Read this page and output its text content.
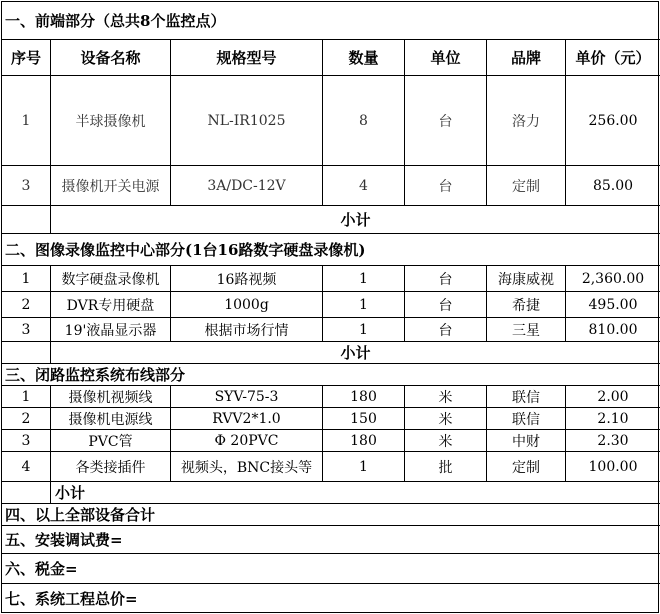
一、前端部分（总共8个监控点）
序号	设备名称	规格型号	数量	单位	品牌	单价（元）
1	半球摄像机	NL-IR1025	8	台	洛力	256.00
3	摄像机开关电源	3A/DC-12V	4	台	定制	85.00
小计
二、图像录像监控中心部分(1台16路数字硬盘录像机)
1	数字硬盘录像机	16路视频	1	台	海康威视	2,360.00
2	DVR专用硬盘	1000g	1	台	希捷	495.00
3	19'液晶显示器	根据市场行情	1	台	三星	810.00
小计
三、闭路监控系统布线部分
1	摄像机视频线	SYV-75-3	180	米	联信	2.00
2	摄像机电源线	RVV2*1.0	150	米	联信	2.10
3	PVC管	Φ 20PVC	180	米	中财	2.30
4	各类接插件	视频头，BNC接头等	1	批	定制	100.00
小计
四、以上全部设备合计
五、安装调试费=
六、税金=
七、系统工程总价=
